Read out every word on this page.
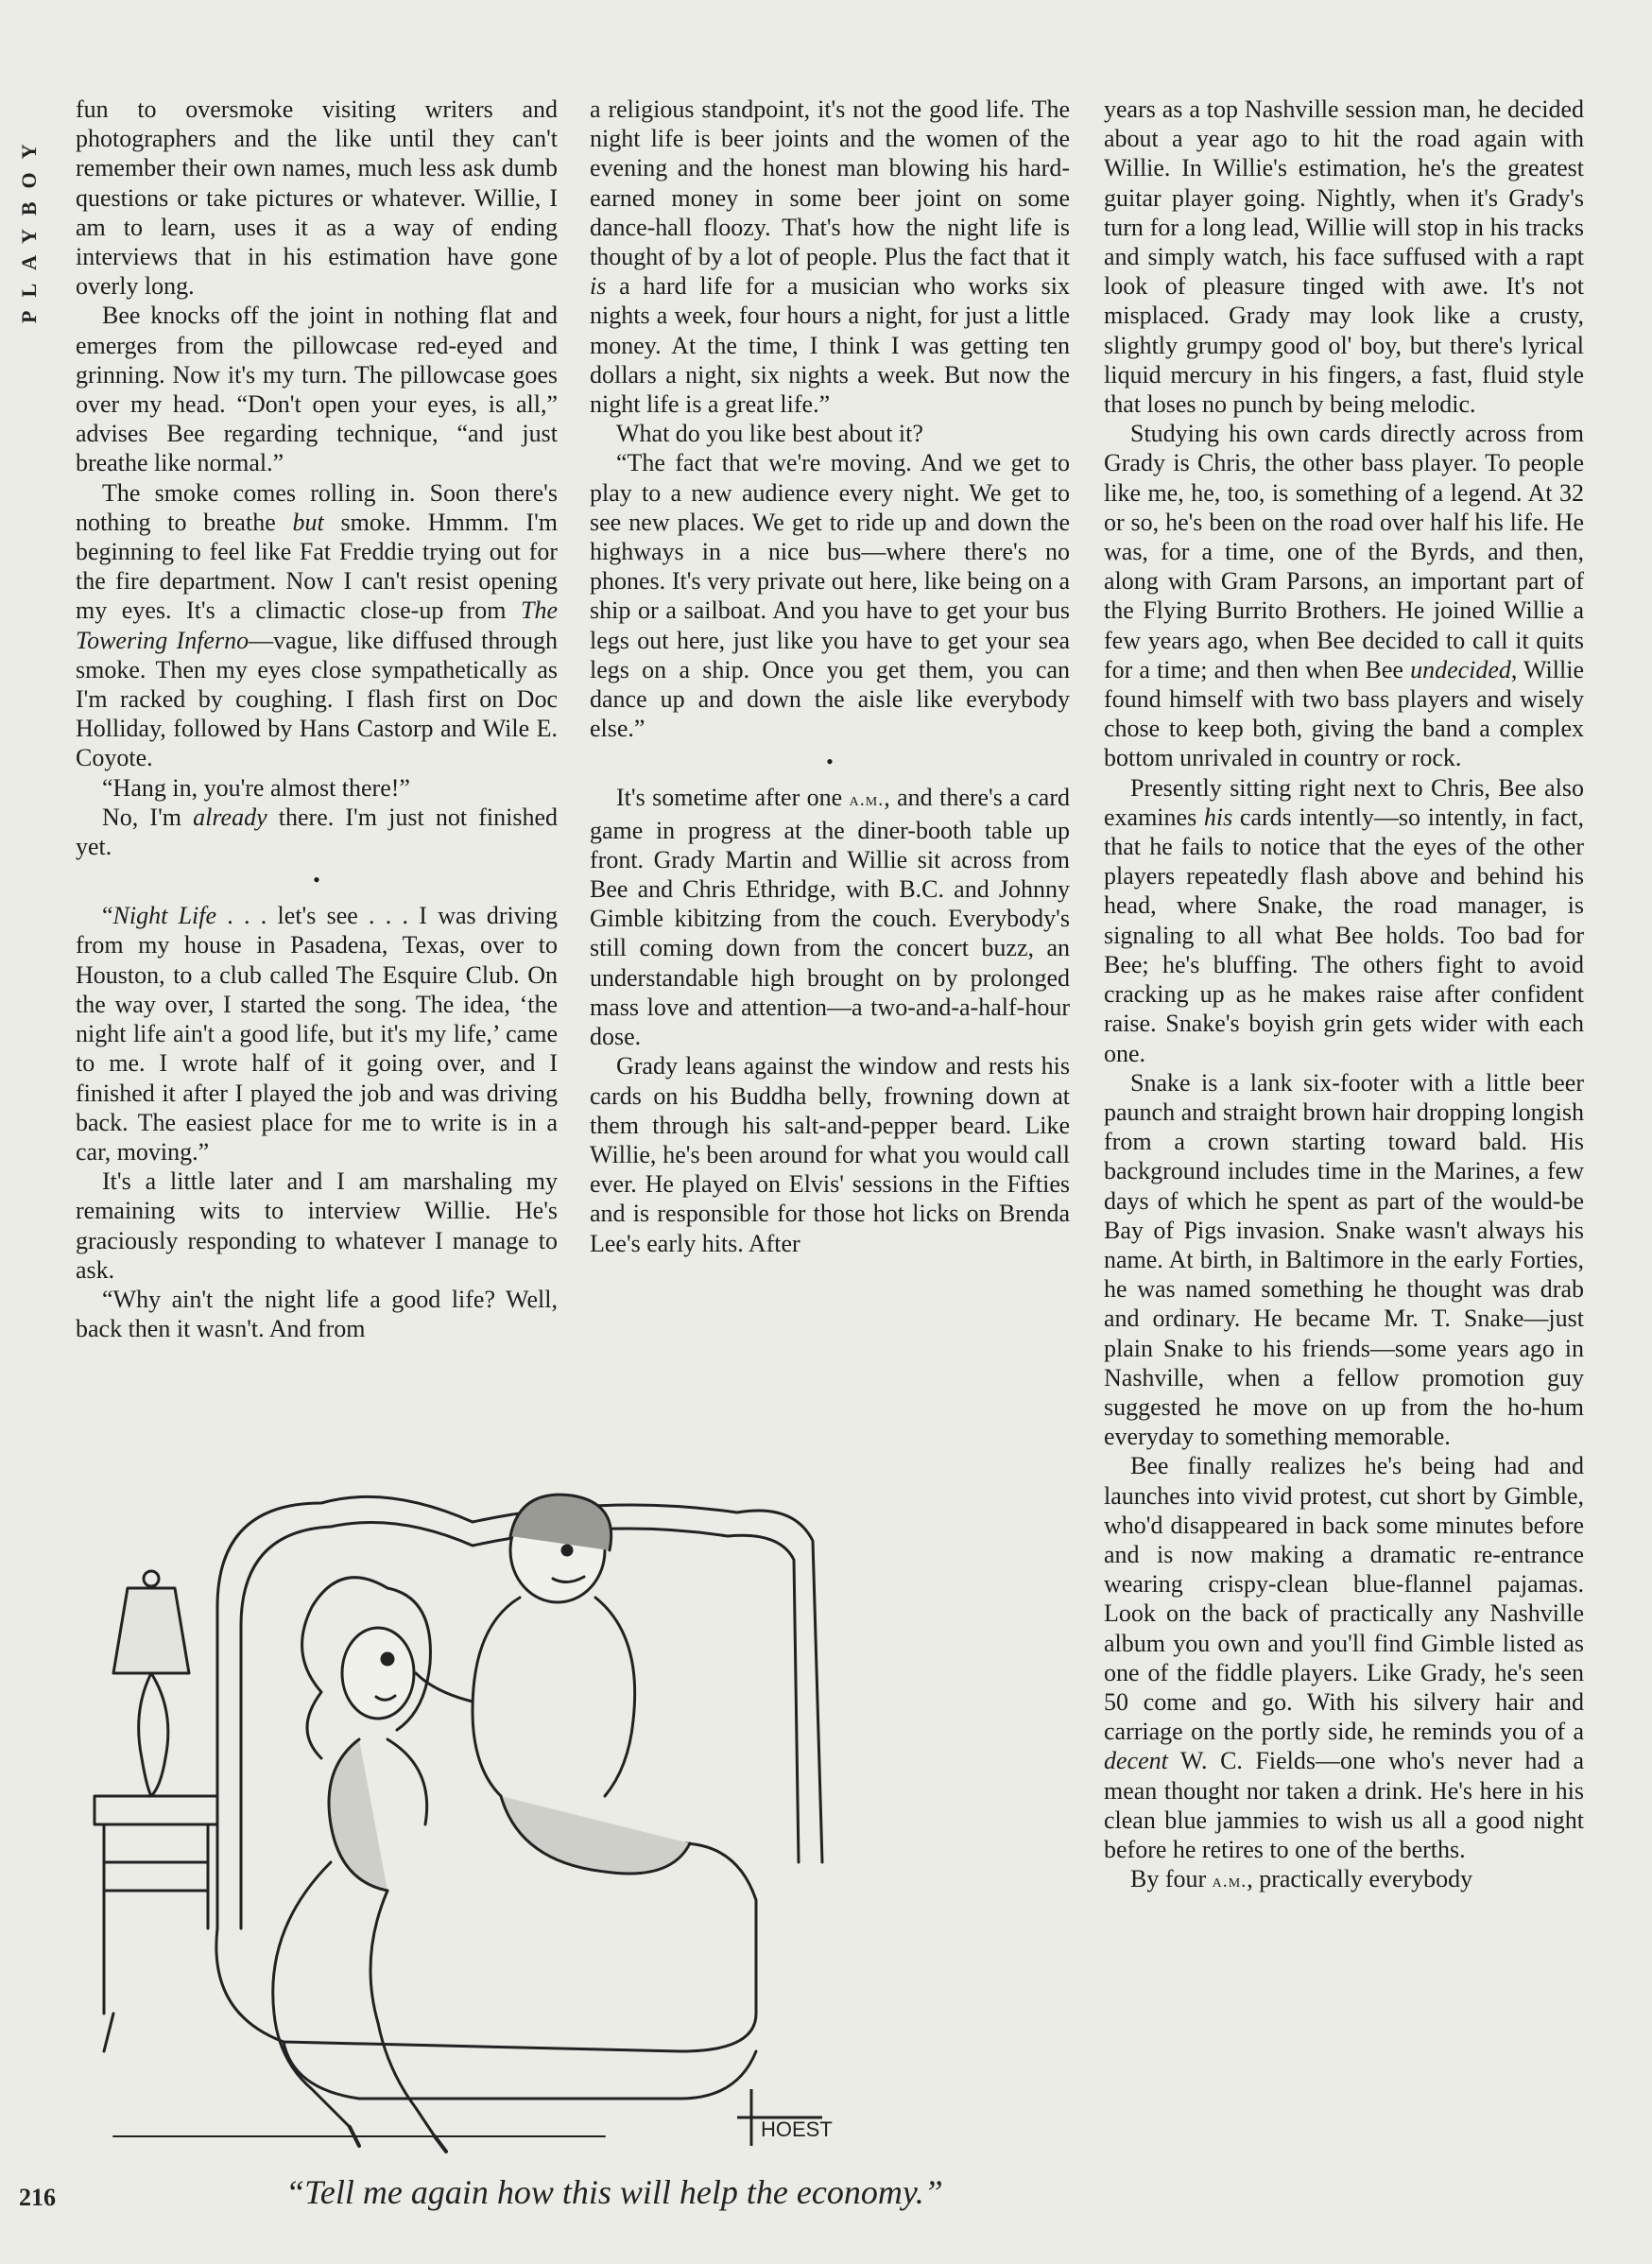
PLAYBOY

fun to oversmoke visiting writers and photographers and the like until they can't remember their own names, much less ask dumb questions or take pictures or whatever. Willie, I am to learn, uses it as a way of ending interviews that in his estimation have gone overly long.

Bee knocks off the joint in nothing flat and emerges from the pillowcase red-eyed and grinning. Now it's my turn. The pillowcase goes over my head. “Don't open your eyes, is all,” advises Bee regarding technique, “and just breathe like normal.”

The smoke comes rolling in. Soon there's nothing to breathe but smoke. Hmmm. I'm beginning to feel like Fat Freddie trying out for the fire department. Now I can't resist opening my eyes. It's a climactic close-up from The Towering Inferno—vague, like diffused through smoke. Then my eyes close sympathetically as I'm racked by coughing. I flash first on Doc Holliday, followed by Hans Castorp and Wile E. Coyote.

“Hang in, you're almost there!”

No, I'm already there. I'm just not finished yet.

•

“Night Life . . . let's see . . . I was driving from my house in Pasadena, Texas, over to Houston, to a club called The Esquire Club. On the way over, I started the song. The idea, ‘the night life ain't a good life, but it's my life,’ came to me. I wrote half of it going over, and I finished it after I played the job and was driving back. The easiest place for me to write is in a car, moving.”

It's a little later and I am marshaling my remaining wits to interview Willie. He's graciously responding to whatever I manage to ask.

“Why ain't the night life a good life? Well, back then it wasn't. And from

a religious standpoint, it's not the good life. The night life is beer joints and the women of the evening and the honest man blowing his hard-earned money in some beer joint on some dance-hall floozy. That's how the night life is thought of by a lot of people. Plus the fact that it is a hard life for a musician who works six nights a week, four hours a night, for just a little money. At the time, I think I was getting ten dollars a night, six nights a week. But now the night life is a great life.”

What do you like best about it?

“The fact that we're moving. And we get to play to a new audience every night. We get to see new places. We get to ride up and down the highways in a nice bus—where there's no phones. It's very private out here, like being on a ship or a sailboat. And you have to get your bus legs out here, just like you have to get your sea legs on a ship. Once you get them, you can dance up and down the aisle like everybody else.”

•

It's sometime after one a.m., and there's a card game in progress at the diner-booth table up front. Grady Martin and Willie sit across from Bee and Chris Ethridge, with B.C. and Johnny Gimble kibitzing from the couch. Everybody's still coming down from the concert buzz, an understandable high brought on by prolonged mass love and attention—a two-and-a-half-hour dose.

Grady leans against the window and rests his cards on his Buddha belly, frowning down at them through his salt-and-pepper beard. Like Willie, he's been around for what you would call ever. He played on Elvis' sessions in the Fifties and is responsible for those hot licks on Brenda Lee's early hits. After

years as a top Nashville session man, he decided about a year ago to hit the road again with Willie. In Willie's estimation, he's the greatest guitar player going. Nightly, when it's Grady's turn for a long lead, Willie will stop in his tracks and simply watch, his face suffused with a rapt look of pleasure tinged with awe. It's not misplaced. Grady may look like a crusty, slightly grumpy good ol' boy, but there's lyrical liquid mercury in his fingers, a fast, fluid style that loses no punch by being melodic.

Studying his own cards directly across from Grady is Chris, the other bass player. To people like me, he, too, is something of a legend. At 32 or so, he's been on the road over half his life. He was, for a time, one of the Byrds, and then, along with Gram Parsons, an important part of the Flying Burrito Brothers. He joined Willie a few years ago, when Bee decided to call it quits for a time; and then when Bee undecided, Willie found himself with two bass players and wisely chose to keep both, giving the band a complex bottom unrivaled in country or rock.

Presently sitting right next to Chris, Bee also examines his cards intently—so intently, in fact, that he fails to notice that the eyes of the other players repeatedly flash above and behind his head, where Snake, the road manager, is signaling to all what Bee holds. Too bad for Bee; he's bluffing. The others fight to avoid cracking up as he makes raise after confident raise. Snake's boyish grin gets wider with each one.

Snake is a lank six-footer with a little beer paunch and straight brown hair dropping longish from a crown starting toward bald. His background includes time in the Marines, a few days of which he spent as part of the would-be Bay of Pigs invasion. Snake wasn't always his name. At birth, in Baltimore in the early Forties, he was named something he thought was drab and ordinary. He became Mr. T. Snake—just plain Snake to his friends—some years ago in Nashville, when a fellow promotion guy suggested he move on up from the ho-hum everyday to something memorable.

Bee finally realizes he's being had and launches into vivid protest, cut short by Gimble, who'd disappeared in back some minutes before and is now making a dramatic re-entrance wearing crispy-clean blue-flannel pajamas. Look on the back of practically any Nashville album you own and you'll find Gimble listed as one of the fiddle players. Like Grady, he's seen 50 come and go. With his silvery hair and carriage on the portly side, he reminds you of a decent W. C. Fields—one who's never had a mean thought nor taken a drink. He's here in his clean blue jammies to wish us all a good night before he retires to one of the berths.

By four a.m., practically everybody

HOEST
“Tell me again how this will help the economy.”
216
